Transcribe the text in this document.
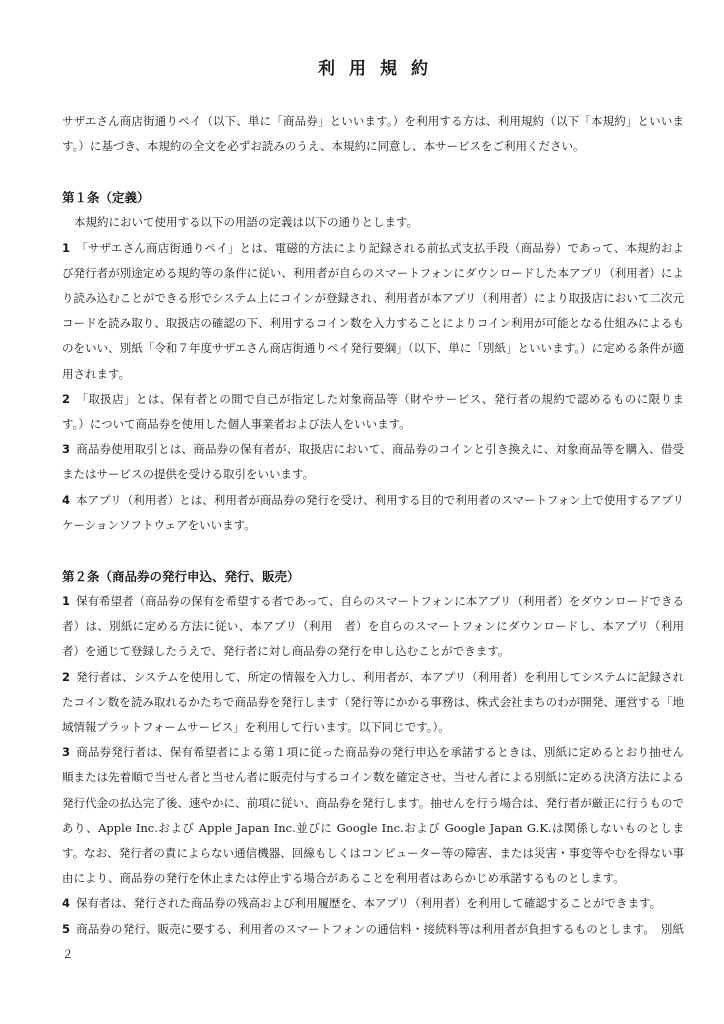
利用規約

サザエさん商店街通りペイ（以下、単に「商品券」といいます。）を利用する方は、利用規約（以下「本規約」といいます。）に基づき、本規約の全文を必ずお読みのうえ、本規約に同意し、本サービスをご利用ください。

第１条（定義）

本規約において使用する以下の用語の定義は以下の通りとします。

1 「サザエさん商店街通りペイ」とは、電磁的方法により記録される前払式支払手段（商品券）であって、本規約および発行者が別途定める規約等の条件に従い、利用者が自らのスマートフォンにダウンロードした本アプリ（利用者）により読み込むことができる形でシステム上にコインが登録され、利用者が本アプリ（利用者）により取扱店において二次元コードを読み取り、取扱店の確認の下、利用するコイン数を入力することによりコイン利用が可能となる仕組みによるものをいい、別紙「令和７年度サザエさん商店街通りペイ発行要綱」（以下、単に「別紙」といいます。）に定める条件が適用されます。

2 「取扱店」とは、保有者との間で自己が指定した対象商品等（財やサービス、発行者の規約で認めるものに限ります。）について商品券を使用した個人事業者および法人をいいます。

3 商品券使用取引とは、商品券の保有者が、取扱店において、商品券のコインと引き換えに、対象商品等を購入、借受またはサービスの提供を受ける取引をいいます。

4 本アプリ（利用者）とは、利用者が商品券の発行を受け、利用する目的で利用者のスマートフォン上で使用するアプリケーションソフトウェアをいいます。

第２条（商品券の発行申込、発行、販売）

1 保有希望者（商品券の保有を希望する者であって、自らのスマートフォンに本アプリ（利用者）をダウンロードできる者）は、別紙に定める方法に従い、本アプリ（利用　者）を自らのスマートフォンにダウンロードし、本アプリ（利用者）を通じて登録したうえで、発行者に対し商品券の発行を申し込むことができます。

2 発行者は、システムを使用して、所定の情報を入力し、利用者が、本アプリ（利用者）を利用してシステムに記録されたコイン数を読み取れるかたちで商品券を発行します（発行等にかかる事務は、株式会社まちのわが開発、運営する「地域情報プラットフォームサービス」を利用して行います。以下同じです。）。

3 商品券発行者は、保有希望者による第１項に従った商品券の発行申込を承諾するときは、別紙に定めるとおり抽せん順または先着順で当せん者と当せん者に販売付与するコイン数を確定させ、当せん者による別紙に定める決済方法による発行代金の払込完了後、速やかに、前項に従い、商品券を発行します。抽せんを行う場合は、発行者が厳正に行うものであり、Apple Inc.および Apple Japan Inc.並びに Google Inc.および Google Japan G.K.は関係しないものとします。なお、発行者の責によらない通信機器、回線もしくはコンピューター等の障害、または災害・事変等やむを得ない事由により、商品券の発行を休止または停止する場合があることを利用者はあらかじめ承諾するものとします。

4 保有者は、発行された商品券の残高および利用履歴を、本アプリ（利用者）を利用して確認することができます。

5 商品券の発行、販売に要する、利用者のスマートフォンの通信料・接続料等は利用者が負担するものとします。　別紙２
